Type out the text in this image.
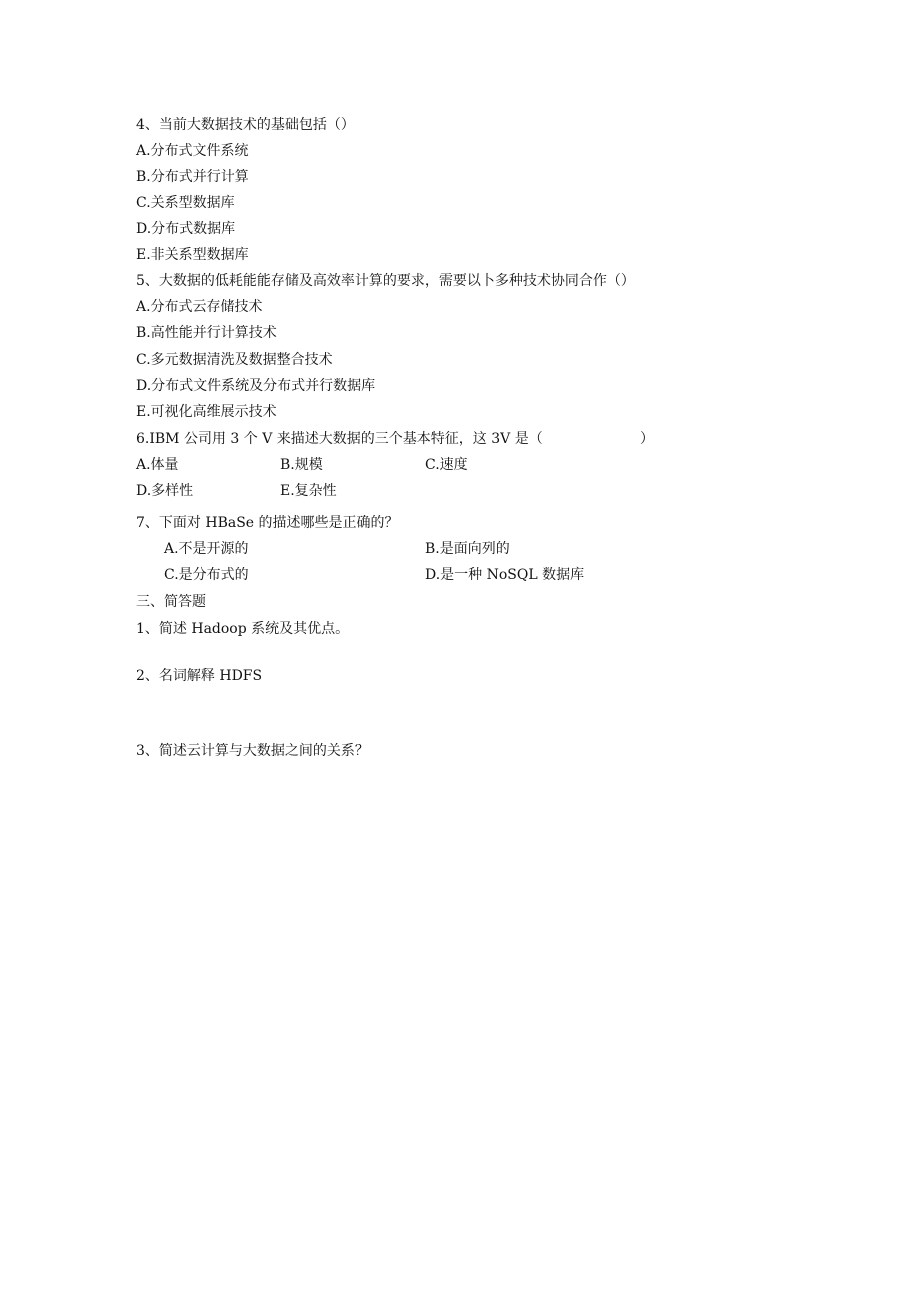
4、当前大数据技术的基础包括（）
A.分布式文件系统
B.分布式并行计算
C.关系型数据库
D.分布式数据库
E.非关系型数据库
5、大数据的低耗能能存储及高效率计算的要求，需要以卜多种技术协同合作（）
A.分布式云存储技术
B.高性能并行计算技术
C.多元数据清洗及数据整合技术
D.分布式文件系统及分布式并行数据库
E.可视化高维展示技术
6.IBM 公司用 3 个 V 来描述大数据的三个基本特征，这 3V 是（	）
A.体量	B.规模	C.速度
D.多样性	E.复杂性
7、下面对 HBaSe 的描述哪些是正确的？
A.不是开源的	B.是面向列的
C.是分布式的	D.是一种 NoSQL 数据库
三、简答题
1、简述 Hadoop 系统及其优点。
2、名词解释 HDFS
3、简述云计算与大数据之间的关系？
